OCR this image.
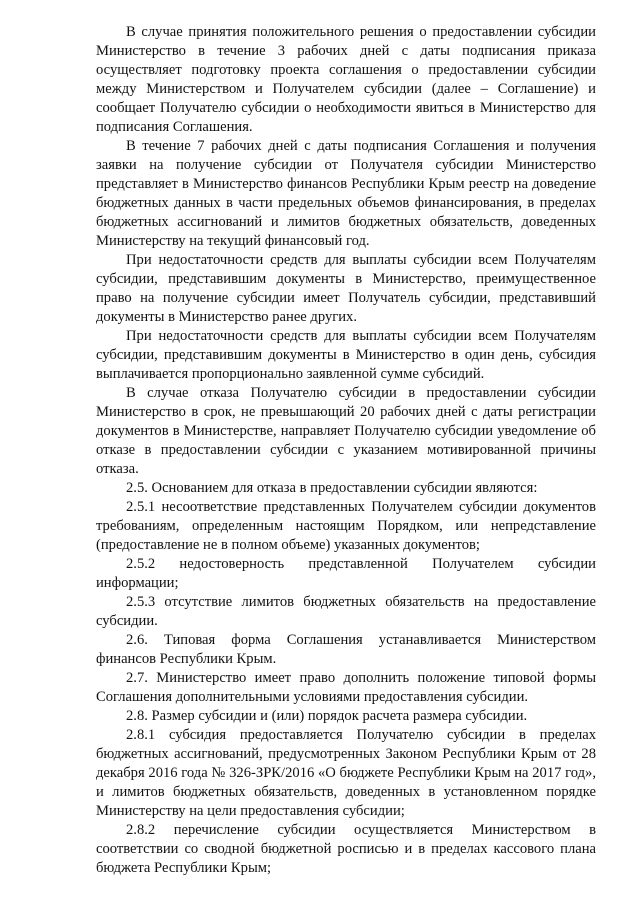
В случае принятия положительного решения о предоставлении субсидии Министерство в течение 3 рабочих дней с даты подписания приказа осуществляет подготовку проекта соглашения о предоставлении субсидии между Министерством и Получателем субсидии (далее – Соглашение) и сообщает Получателю субсидии о необходимости явиться в Министерство для подписания Соглашения.

В течение 7 рабочих дней с даты подписания Соглашения и получения заявки на получение субсидии от Получателя субсидии Министерство представляет в Министерство финансов Республики Крым реестр на доведение бюджетных данных в части предельных объемов финансирования, в пределах бюджетных ассигнований и лимитов бюджетных обязательств, доведенных Министерству на текущий финансовый год.

При недостаточности средств для выплаты субсидии всем Получателям субсидии, представившим документы в Министерство, преимущественное право на получение субсидии имеет Получатель субсидии, представивший документы в Министерство ранее других.

При недостаточности средств для выплаты субсидии всем Получателям субсидии, представившим документы в Министерство в один день, субсидия выплачивается пропорционально заявленной сумме субсидий.

В случае отказа Получателю субсидии в предоставлении субсидии Министерство в срок, не превышающий 20 рабочих дней с даты регистрации документов в Министерстве, направляет Получателю субсидии уведомление об отказе в предоставлении субсидии с указанием мотивированной причины отказа.

2.5. Основанием для отказа в предоставлении субсидии являются:

2.5.1 несоответствие представленных Получателем субсидии документов требованиям, определенным настоящим Порядком, или непредставление (предоставление не в полном объеме) указанных документов;

2.5.2 недостоверность представленной Получателем субсидии информации;

2.5.3 отсутствие лимитов бюджетных обязательств на предоставление субсидии.

2.6. Типовая форма Соглашения устанавливается Министерством финансов Республики Крым.

2.7. Министерство имеет право дополнить положение типовой формы Соглашения дополнительными условиями предоставления субсидии.

2.8. Размер субсидии и (или) порядок расчета размера субсидии.

2.8.1 субсидия предоставляется Получателю субсидии в пределах бюджетных ассигнований, предусмотренных Законом Республики Крым от 28 декабря 2016 года № 326-ЗРК/2016 «О бюджете Республики Крым на 2017 год», и лимитов бюджетных обязательств, доведенных в установленном порядке Министерству на цели предоставления субсидии;

2.8.2 перечисление субсидии осуществляется Министерством в соответствии со сводной бюджетной росписью и в пределах кассового плана бюджета Республики Крым;
